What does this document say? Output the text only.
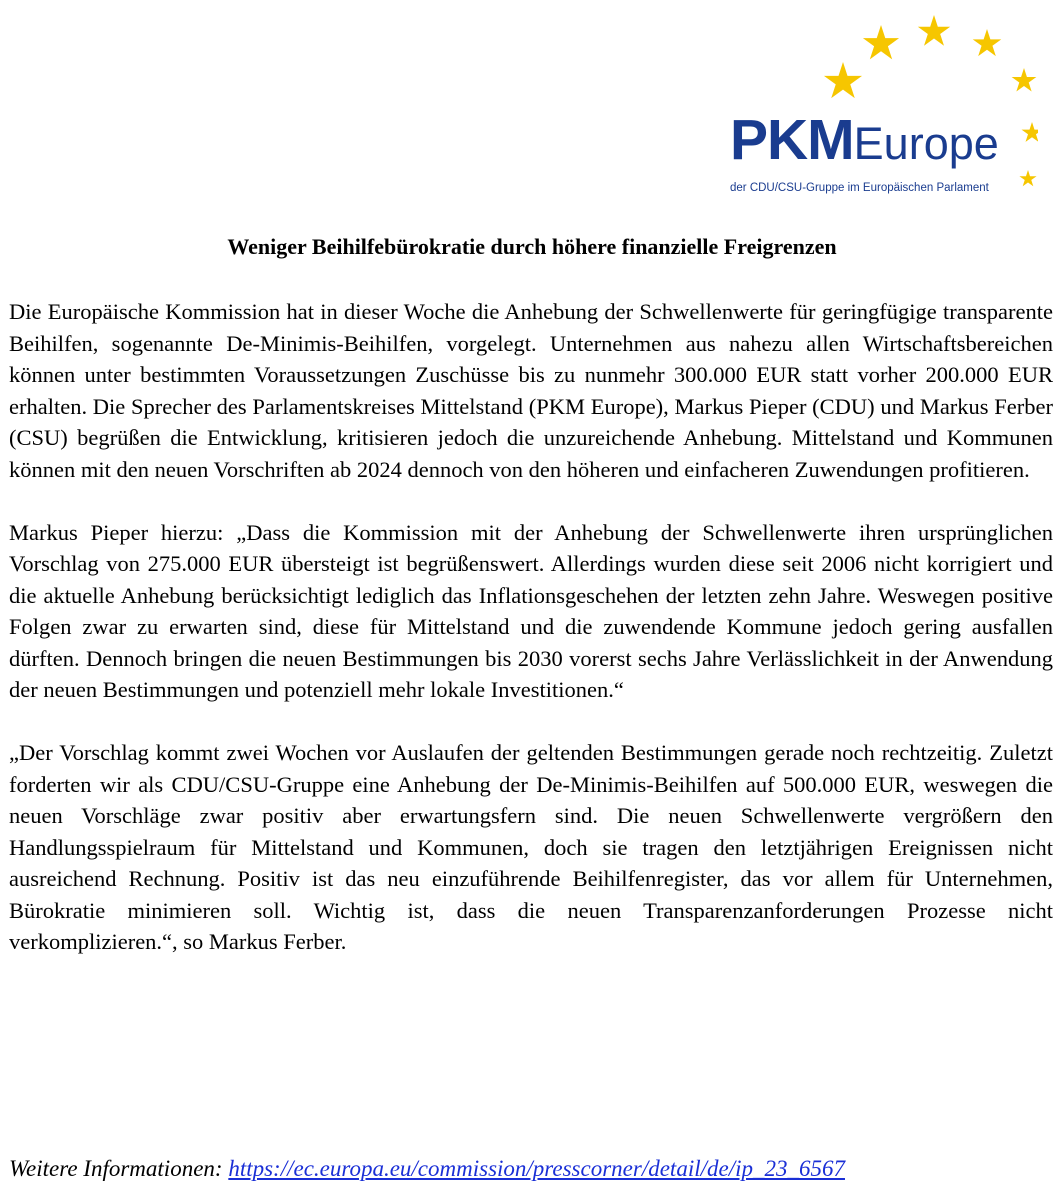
PKMEurope
der CDU/CSU-Gruppe im Europäischen Parlament
Weniger Beihilfebürokratie durch höhere finanzielle Freigrenzen

Die Europäische Kommission hat in dieser Woche die Anhebung der Schwellenwerte für geringfügige transparente Beihilfen, sogenannte De-Minimis-Beihilfen, vorgelegt. Unternehmen aus nahezu allen Wirtschaftsbereichen können unter bestimmten Voraussetzungen Zuschüsse bis zu nunmehr 300.000 EUR statt vorher 200.000 EUR erhalten. Die Sprecher des Parlamentskreises Mittelstand (PKM Europe), Markus Pieper (CDU) und Markus Ferber (CSU) begrüßen die Entwicklung, kritisieren jedoch die unzureichende Anhebung. Mittelstand und Kommunen können mit den neuen Vorschriften ab 2024 dennoch von den höheren und einfacheren Zuwendungen profitieren.

Markus Pieper hierzu: „Dass die Kommission mit der Anhebung der Schwellenwerte ihren ursprünglichen Vorschlag von 275.000 EUR übersteigt ist begrüßenswert. Allerdings wurden diese seit 2006 nicht korrigiert und die aktuelle Anhebung berücksichtigt lediglich das Inflationsgeschehen der letzten zehn Jahre. Weswegen positive Folgen zwar zu erwarten sind, diese für Mittelstand und die zuwendende Kommune jedoch gering ausfallen dürften. Dennoch bringen die neuen Bestimmungen bis 2030 vorerst sechs Jahre Verlässlichkeit in der Anwendung der neuen Bestimmungen und potenziell mehr lokale Investitionen.“

„Der Vorschlag kommt zwei Wochen vor Auslaufen der geltenden Bestimmungen gerade noch rechtzeitig. Zuletzt forderten wir als CDU/CSU-Gruppe eine Anhebung der De-Minimis-Beihilfen auf 500.000 EUR, weswegen die neuen Vorschläge zwar positiv aber erwartungsfern sind. Die neuen Schwellenwerte vergrößern den Handlungsspielraum für Mittelstand und Kommunen, doch sie tragen den letztjährigen Ereignissen nicht ausreichend Rechnung. Positiv ist das neu einzuführende Beihilfenregister, das vor allem für Unternehmen, Bürokratie minimieren soll. Wichtig ist, dass die neuen Transparenzanforderungen Prozesse nicht verkomplizieren.“, so Markus Ferber.

Weitere Informationen: https://ec.europa.eu/commission/presscorner/detail/de/ip_23_6567
